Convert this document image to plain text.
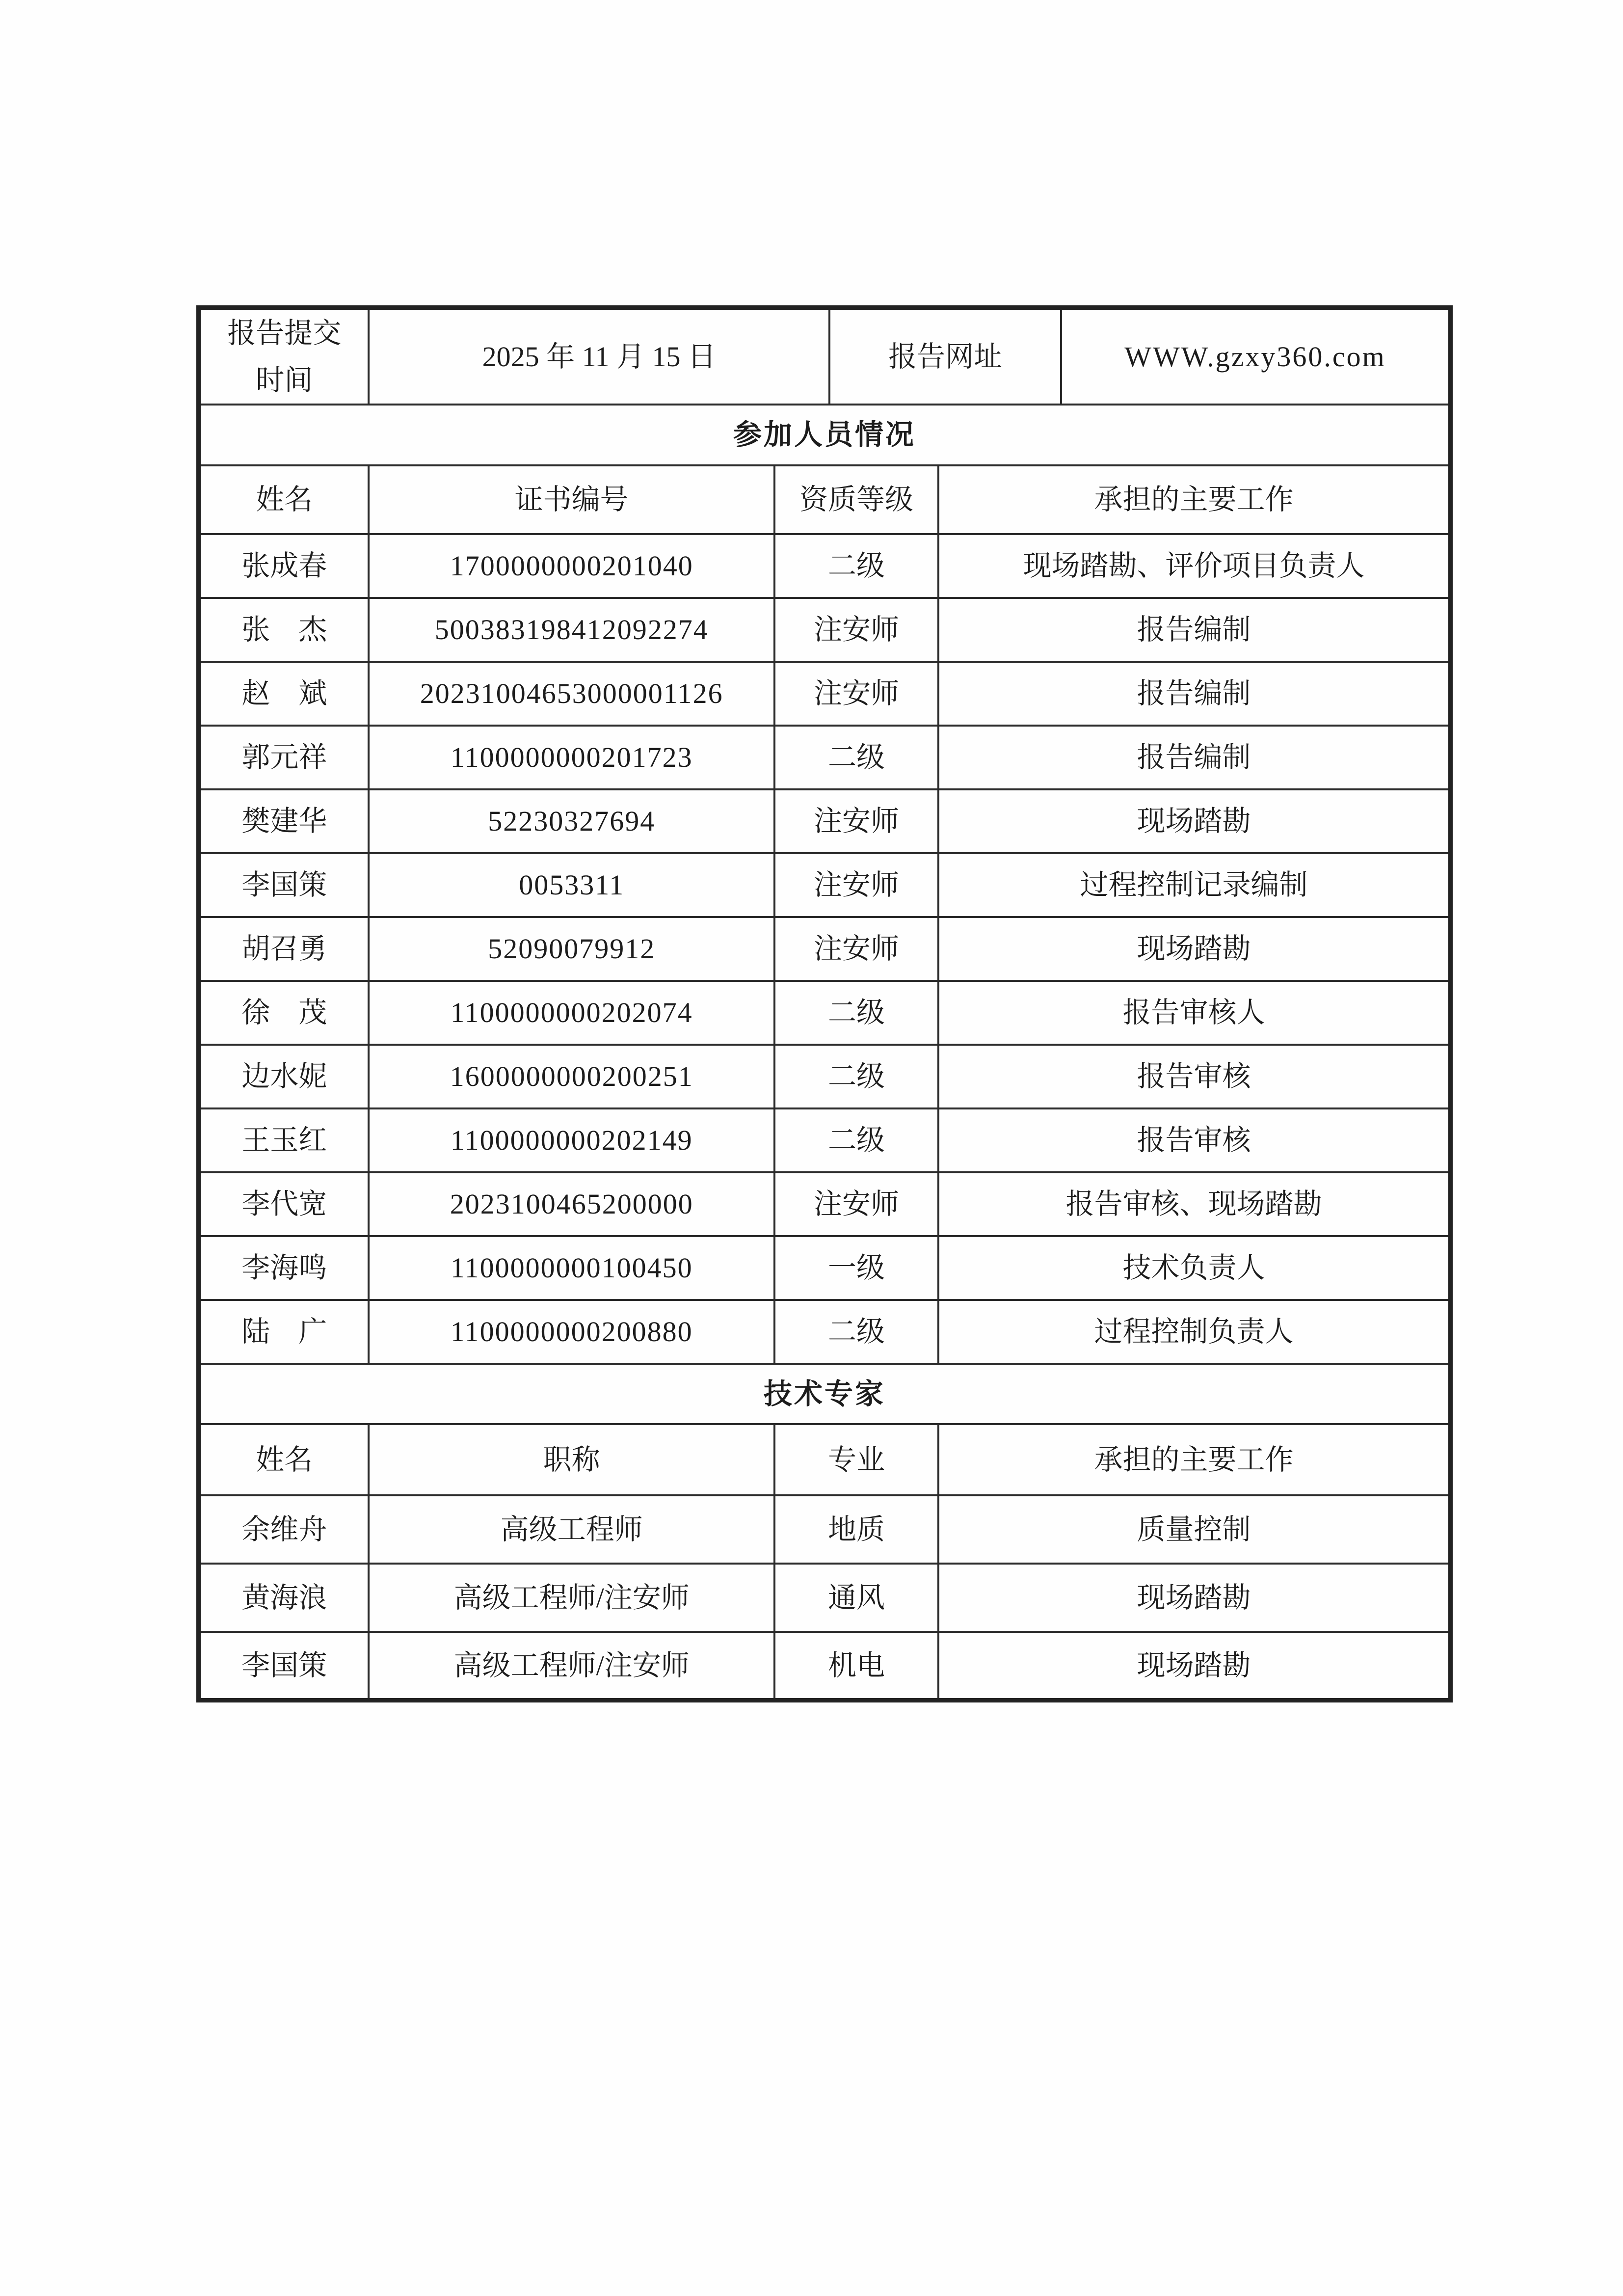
报告提交时间	2025 年 11 月 15 日		报告网址		WWW.gzxy360.com
参加人员情况					
姓名	证书编号	资质等级		承担的主要工作	
张成春	1700000000201040	二级		现场踏勘、评价项目负责人	
张　杰	500383198412092274	注安师		报告编制	
赵　斌	20231004653000001126	注安师		报告编制	
郭元祥	1100000000201723	二级		报告编制	
樊建华	52230327694	注安师		现场踏勘	
李国策	0053311	注安师		过程控制记录编制	
胡召勇	52090079912	注安师		现场踏勘	
徐　茂	1100000000202074	二级		报告审核人	
边水妮	1600000000200251	二级		报告审核	
王玉红	1100000000202149	二级		报告审核	
李代宽	2023100465200000	注安师		报告审核、现场踏勘	
李海鸣	1100000000100450	一级		技术负责人	
陆　广	1100000000200880	二级		过程控制负责人	
技术专家					
姓名	职称	专业		承担的主要工作	
余维舟	高级工程师	地质		质量控制	
黄海浪	高级工程师/注安师	通风		现场踏勘	
李国策	高级工程师/注安师	机电		现场踏勘	
